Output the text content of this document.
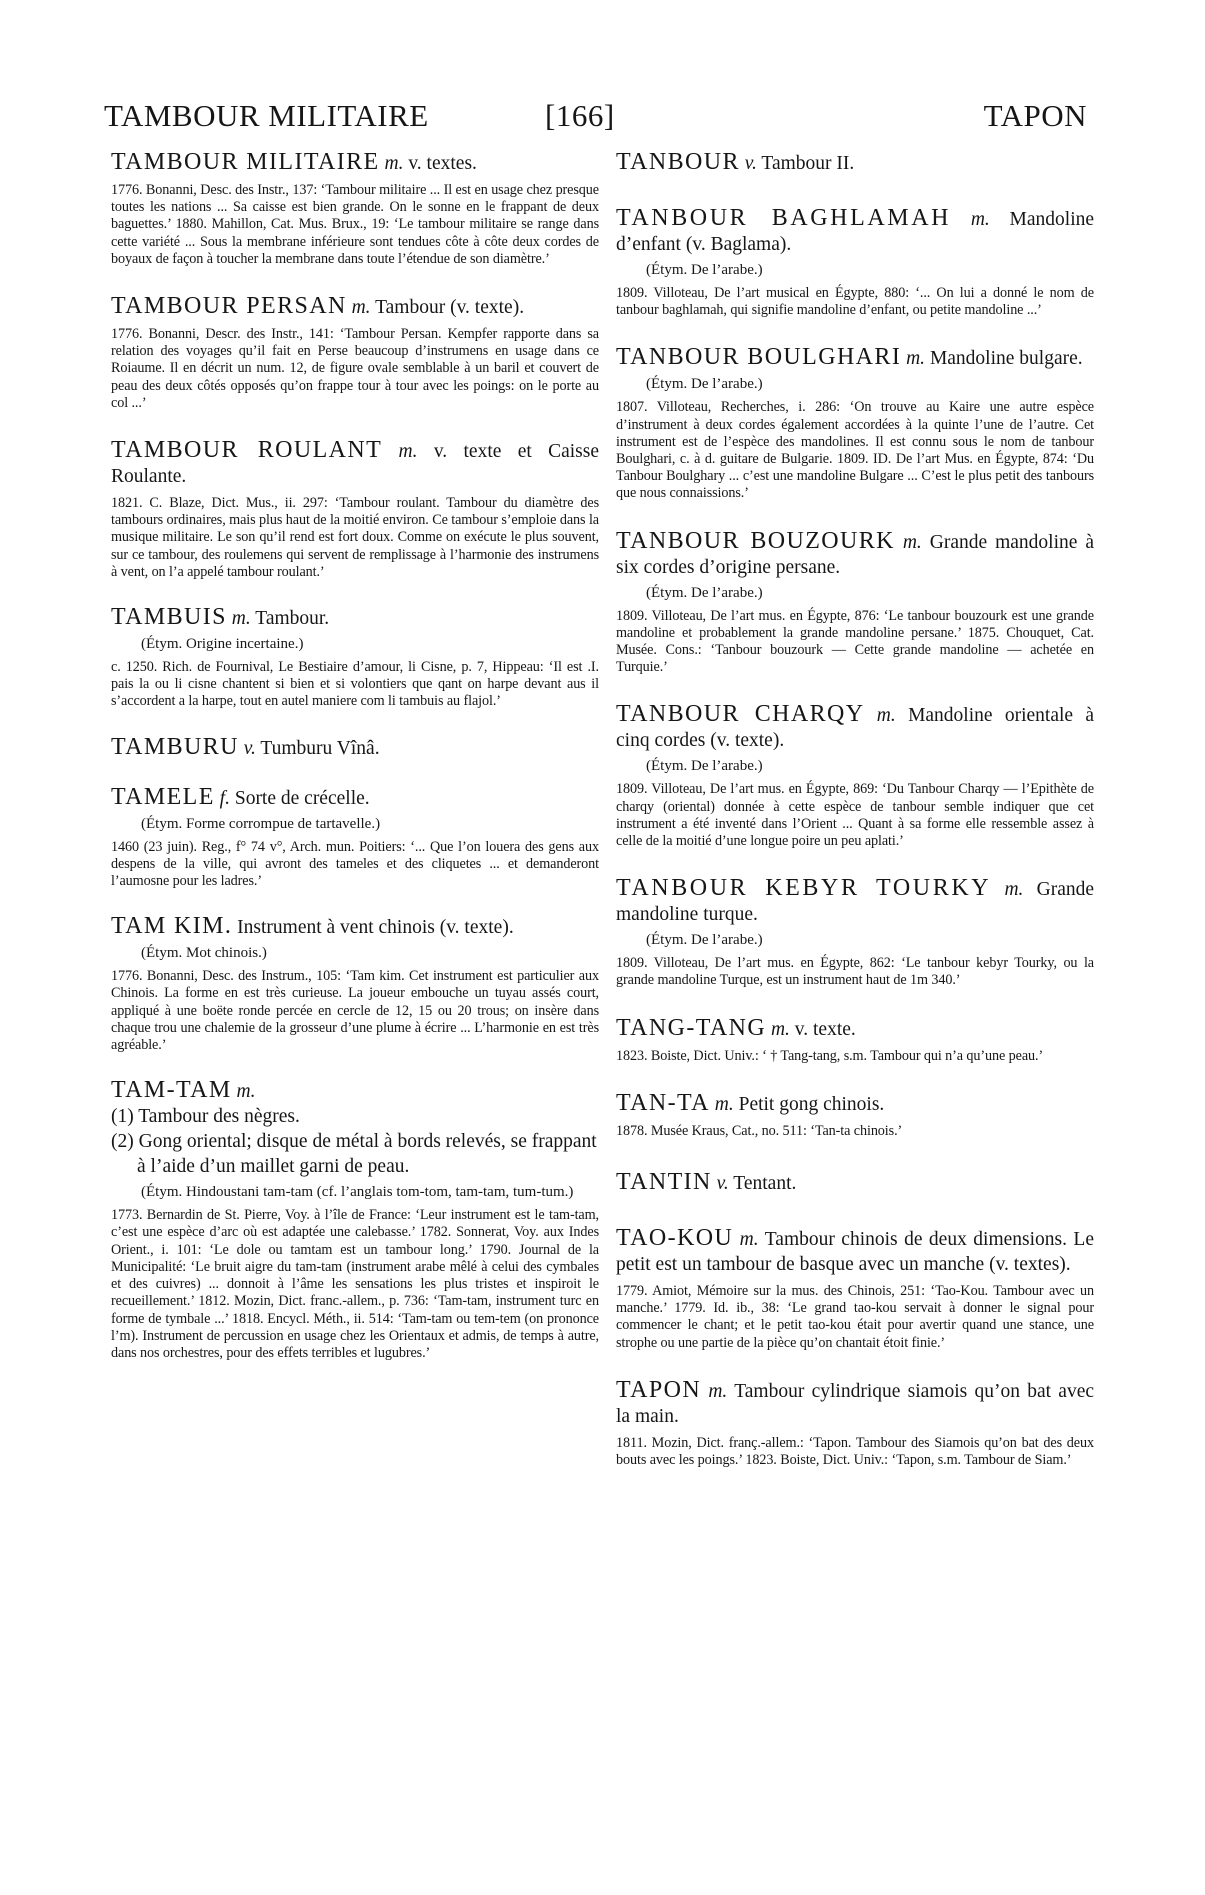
TAMBOUR MILITAIRE	[166]	TAPON

TAMBOUR MILITAIRE m. v. textes.

1776. Bonanni, Desc. des Instr., 137: ‘Tambour militaire ... Il est en usage chez presque toutes les nations ... Sa caisse est bien grande. On le sonne en le frappant de deux baguettes.’ 1880. Mahillon, Cat. Mus. Brux., 19: ‘Le tambour militaire se range dans cette variété ... Sous la membrane inférieure sont tendues côte à côte deux cordes de boyaux de façon à toucher la membrane dans toute l’étendue de son diamètre.’

TAMBOUR PERSAN m. Tambour (v. texte).

1776. Bonanni, Descr. des Instr., 141: ‘Tambour Persan. Kempfer rapporte dans sa relation des voyages qu’il fait en Perse beaucoup d’instrumens en usage dans ce Roiaume. Il en décrit un num. 12, de figure ovale semblable à un baril et couvert de peau des deux côtés opposés qu’on frappe tour à tour avec les poings: on le porte au col ...’

TAMBOUR ROULANT m. v. texte et Caisse Roulante.

1821. C. Blaze, Dict. Mus., ii. 297: ‘Tambour roulant. Tambour du diamètre des tambours ordinaires, mais plus haut de la moitié environ. Ce tambour s’emploie dans la musique militaire. Le son qu’il rend est fort doux. Comme on exécute le plus souvent, sur ce tambour, des roulemens qui servent de remplissage à l’harmonie des instrumens à vent, on l’a appelé tambour roulant.’

TAMBUIS m. Tambour.

(Étym. Origine incertaine.)

c. 1250. Rich. de Fournival, Le Bestiaire d’amour, li Cisne, p. 7, Hippeau: ‘Il est .I. pais la ou li cisne chantent si bien et si volontiers que qant on harpe devant aus il s’accordent a la harpe, tout en autel maniere com li tambuis au flajol.’

TAMBURU v. Tumburu Vînâ.

TAMELE f. Sorte de crécelle.

(Étym. Forme corrompue de tartavelle.)

1460 (23 juin). Reg., f° 74 v°, Arch. mun. Poitiers: ‘... Que l’on louera des gens aux despens de la ville, qui avront des tameles et des cliquetes ... et demanderont l’aumosne pour les ladres.’

TAM KIM. Instrument à vent chinois (v. texte).

(Étym. Mot chinois.)

1776. Bonanni, Desc. des Instrum., 105: ‘Tam kim. Cet instrument est particulier aux Chinois. La forme en est très curieuse. La joueur embouche un tuyau assés court, appliqué à une boëte ronde percée en cercle de 12, 15 ou 20 trous; on insère dans chaque trou une chalemie de la grosseur d’une plume à écrire ... L’harmonie en est très agréable.’

TAM-TAM m.

(1) Tambour des nègres.

(2) Gong oriental; disque de métal à bords relevés, se frappant à l’aide d’un maillet garni de peau.

(Étym. Hindoustani tam-tam (cf. l’anglais tom-tom, tam-tam, tum-tum.)

1773. Bernardin de St. Pierre, Voy. à l’île de France: ‘Leur instrument est le tam-tam, c’est une espèce d’arc où est adaptée une calebasse.’ 1782. Sonnerat, Voy. aux Indes Orient., i. 101: ‘Le dole ou tamtam est un tambour long.’ 1790. Journal de la Municipalité: ‘Le bruit aigre du tam-tam (instrument arabe mêlé à celui des cymbales et des cuivres) ... donnoit à l’âme les sensations les plus tristes et inspiroit le recueillement.’ 1812. Mozin, Dict. franc.-allem., p. 736: ‘Tam-tam, instrument turc en forme de tymbale ...’ 1818. Encycl. Méth., ii. 514: ‘Tam-tam ou tem-tem (on prononce l’m). Instrument de percussion en usage chez les Orientaux et admis, de temps à autre, dans nos orchestres, pour des effets terribles et lugubres.’

TANBOUR v. Tambour II.

TANBOUR BAGHLAMAH m. Mandoline d’enfant (v. Baglama).

(Étym. De l’arabe.)

1809. Villoteau, De l’art musical en Égypte, 880: ‘... On lui a donné le nom de tanbour baghlamah, qui signifie mandoline d’enfant, ou petite mandoline ...’

TANBOUR BOULGHARI m. Mandoline bulgare.

(Étym. De l’arabe.)

1807. Villoteau, Recherches, i. 286: ‘On trouve au Kaire une autre espèce d’instrument à deux cordes également accordées à la quinte l’une de l’autre. Cet instrument est de l’espèce des mandolines. Il est connu sous le nom de tanbour Boulghari, c. à d. guitare de Bulgarie. 1809. ID. De l’art Mus. en Égypte, 874: ‘Du Tanbour Boulghary ... c’est une mandoline Bulgare ... C’est le plus petit des tanbours que nous connaissions.’

TANBOUR BOUZOURK m. Grande mandoline à six cordes d’origine persane.

(Étym. De l’arabe.)

1809. Villoteau, De l’art mus. en Égypte, 876: ‘Le tanbour bouzourk est une grande mandoline et probablement la grande mandoline persane.’ 1875. Chouquet, Cat. Musée. Cons.: ‘Tanbour bouzourk — Cette grande mandoline — achetée en Turquie.’

TANBOUR CHARQY m. Mandoline orientale à cinq cordes (v. texte).

(Étym. De l’arabe.)

1809. Villoteau, De l’art mus. en Égypte, 869: ‘Du Tanbour Charqy — l’Epithète de charqy (oriental) donnée à cette espèce de tanbour semble indiquer que cet instrument a été inventé dans l’Orient ... Quant à sa forme elle ressemble assez à celle de la moitié d’une longue poire un peu aplati.’

TANBOUR KEBYR TOURKY m. Grande mandoline turque.

(Étym. De l’arabe.)

1809. Villoteau, De l’art mus. en Égypte, 862: ‘Le tanbour kebyr Tourky, ou la grande mandoline Turque, est un instrument haut de 1m 340.’

TANG-TANG m. v. texte.

1823. Boiste, Dict. Univ.: ‘ † Tang-tang, s.m. Tambour qui n’a qu’une peau.’

TAN-TA m. Petit gong chinois.

1878. Musée Kraus, Cat., no. 511: ‘Tan-ta chinois.’

TANTIN v. Tentant.

TAO-KOU m. Tambour chinois de deux dimensions. Le petit est un tambour de basque avec un manche (v. textes).

1779. Amiot, Mémoire sur la mus. des Chinois, 251: ‘Tao-Kou. Tambour avec un manche.’ 1779. Id. ib., 38: ‘Le grand tao-kou servait à donner le signal pour commencer le chant; et le petit tao-kou était pour avertir quand une stance, une strophe ou une partie de la pièce qu’on chantait étoit finie.’

TAPON m. Tambour cylindrique siamois qu’on bat avec la main.

1811. Mozin, Dict. franç.-allem.: ‘Tapon. Tambour des Siamois qu’on bat des deux bouts avec les poings.’ 1823. Boiste, Dict. Univ.: ‘Tapon, s.m. Tambour de Siam.’
